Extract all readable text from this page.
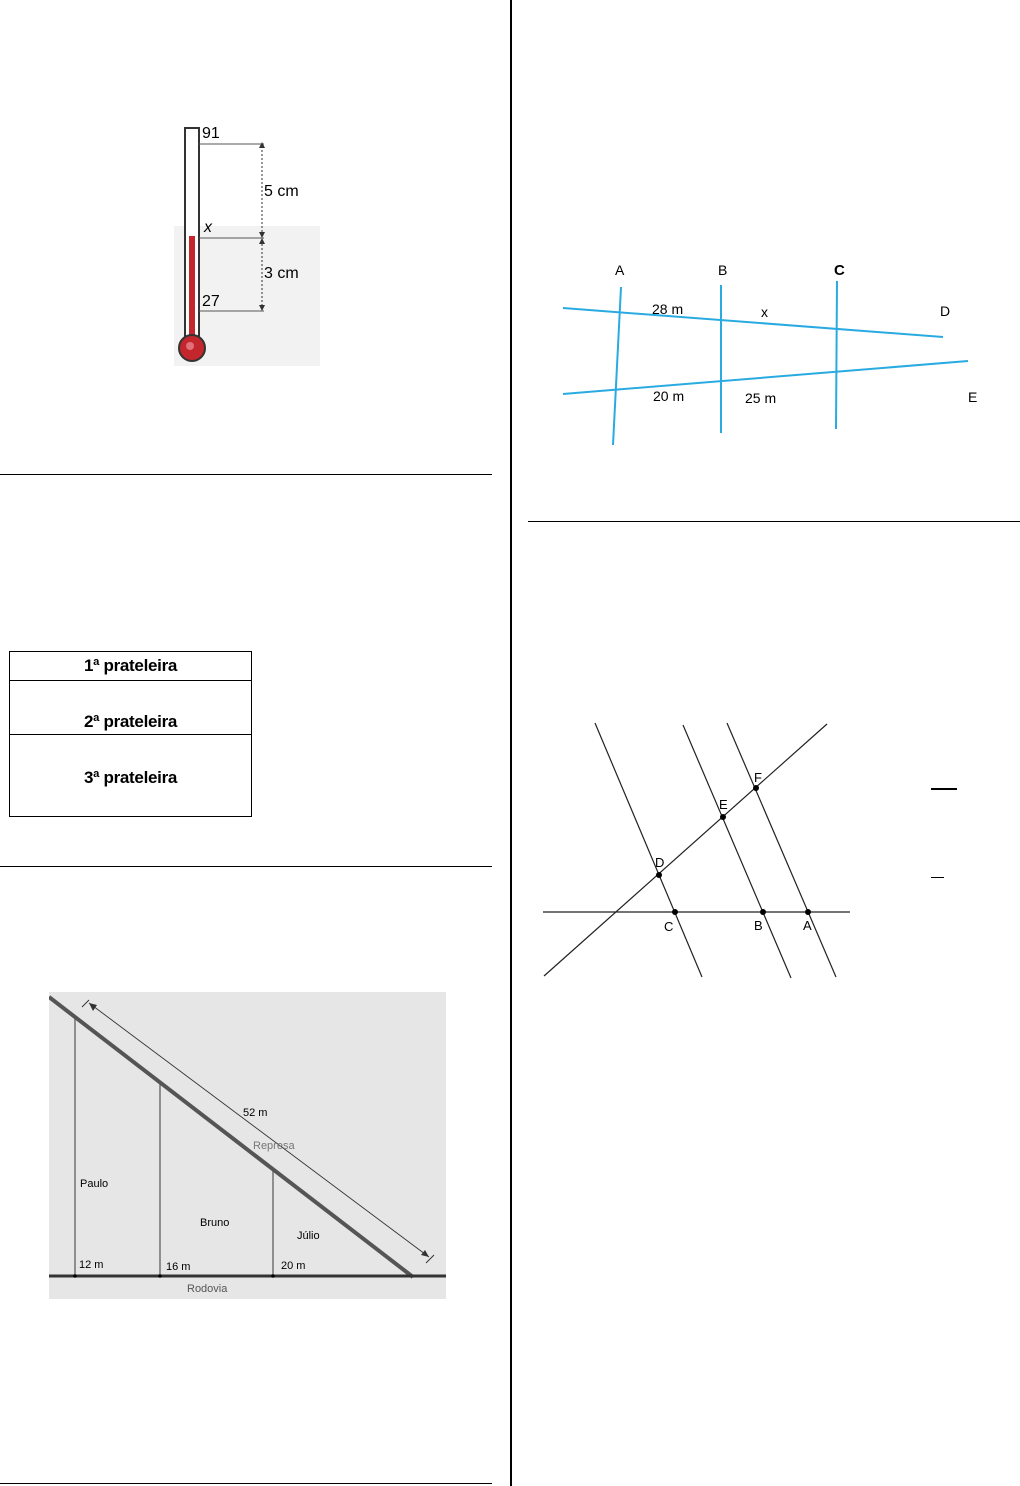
91
x
27
5 cm
3 cm
1ª prateleira
2ª prateleira
3ª prateleira
52 m
Represa
Paulo
Bruno
Júlio
12 m	16 m	20 m
Rodovia
A	B	C
D
E
28 m	x
20 m	25 m
A
B
C
D
E
F
